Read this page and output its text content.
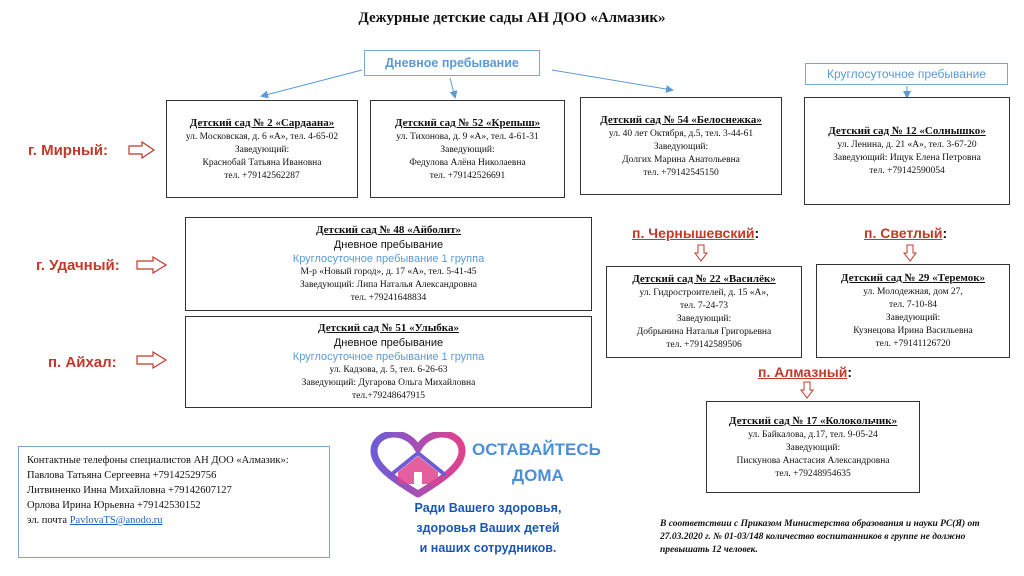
Дежурные детские сады АН ДОО «Алмазик»
Дневное пребывание
Круглосуточное пребывание
г. Мирный:
г. Удачный:
п. Айхал:
Детский сад № 2 «Сардаана»
ул. Московская, д. 6 «А», тел. 4-65-02
Заведующий:
Краснобай Татьяна Ивановна
тел. +79142562287
Детский сад № 52 «Крепыш»
ул. Тихонова, д. 9 «А», тел. 4-61-31
Заведующий:
Федулова Алёна Николаевна
тел. +79142526691
Детский сад № 54 «Белоснежка»
ул. 40 лет Октября, д.5, тел. 3-44-61
Заведующий:
Долгих Марина Анатольевна
тел. +79142545150
Детский сад № 12 «Солнышко»
ул. Ленина, д. 21 «А», тел. 3-67-20
Заведующий: Ищук Елена Петровна
тел. +79142590054
Детский сад № 48 «Айболит»
Дневное пребывание
Круглосуточное пребывание 1 группа
М-р «Новый город», д. 17 «А», тел. 5-41-45
Заведующий: Липа Наталья Александровна
тел. +79241648834
Детский сад № 51 «Улыбка»
Дневное пребывание
Круглосуточное пребывание 1 группа
ул. Кадзова, д. 5, тел. 6-26-63
Заведующий: Дугарова Ольга Михайловна
тел.+79248647915
п. Чернышевский:
Детский сад № 22 «Василёк»
ул. Гидростроителей, д. 15 «А»,
тел. 7-24-73
Заведующий:
Добрынина Наталья Григорьевна
тел. +79142589506
п. Светлый:
Детский сад № 29 «Теремок»
ул. Молодежная, дом 27,
тел. 7-10-84
Заведующий:
Кузнецова Ирина Васильевна
тел. +79141126720
п. Алмазный:
Детский сад № 17 «Колокольчик»
ул. Байкалова, д.17, тел. 9-05-24
Заведующий:
Пискунова Анастасия Александровна
тел. +79248954635
Контактные телефоны специалистов АН ДОО «Алмазик»:
Павлова Татьяна Сергеевна +79142529756
Литвиненко Инна Михайловна +79142607127
Орлова Ирина Юрьевна +79142530152
эл. почта PavlovaTS@anodo.ru
ОСТАВАЙТЕСЬ
ДОМА
Ради Вашего здоровья,
здоровья Ваших детей
и наших сотрудников.
В соответствии с Приказом Министерства образования и науки РС(Я) от 27.03.2020 г. № 01-03/148 количество воспитанников в группе не должно превышать 12 человек.
